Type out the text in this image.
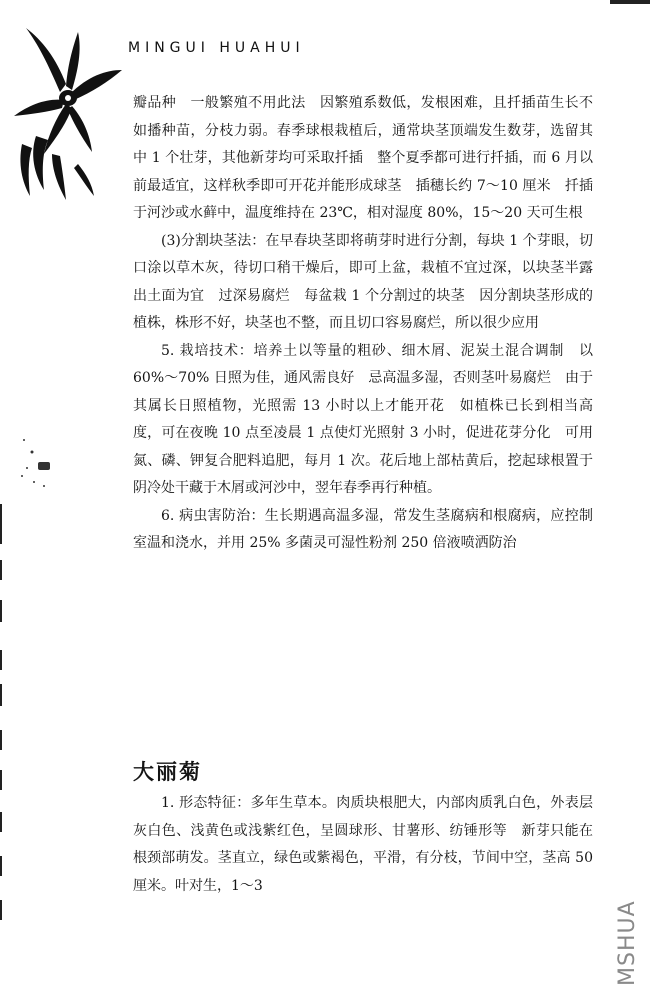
MINGUI HUAHUI

瓣品种　一般繁殖不用此法　因繁殖系数低，发根困难，且扦插苗生长不如播种苗，分枝力弱。春季球根栽植后，通常块茎顶端发生数芽，选留其中 1 个壮芽，其他新芽均可采取扦插　整个夏季都可进行扦插，而 6 月以前最适宜，这样秋季即可开花并能形成球茎　插穗长约 7～10 厘米　扦插于河沙或水藓中，温度维持在 23℃，相对湿度 80%，15～20 天可生根

(3)分割块茎法：在早春块茎即将萌芽时进行分割，每块 1 个芽眼，切口涂以草木灰，待切口稍干燥后，即可上盆，栽植不宜过深，以块茎半露出土面为宜　过深易腐烂　每盆栽 1 个分割过的块茎　因分割块茎形成的植株，株形不好，块茎也不整，而且切口容易腐烂，所以很少应用

5. 栽培技术：培养土以等量的粗砂、细木屑、泥炭土混合调制　以 60%～70% 日照为佳，通风需良好　忌高温多湿，否则茎叶易腐烂　由于其属长日照植物，光照需 13 小时以上才能开花　如植株已长到相当高度，可在夜晚 10 点至凌晨 1 点使灯光照射 3 小时，促进花芽分化　可用氮、磷、钾复合肥料追肥，每月 1 次。花后地上部枯黄后，挖起球根置于阴冷处干藏于木屑或河沙中，翌年春季再行种植。

6. 病虫害防治：生长期遇高温多湿，常发生茎腐病和根腐病，应控制室温和浇水，并用 25% 多菌灵可湿性粉剂 250 倍液喷洒防治

大丽菊

1. 形态特征：多年生草本。肉质块根肥大，内部肉质乳白色，外表层灰白色、浅黄色或浅紫红色，呈圆球形、甘薯形、纺锤形等　新芽只能在根颈部萌发。茎直立，绿色或紫褐色，平滑，有分枝，节间中空，茎高 50 厘米。叶对生，1～3

MSHUA
